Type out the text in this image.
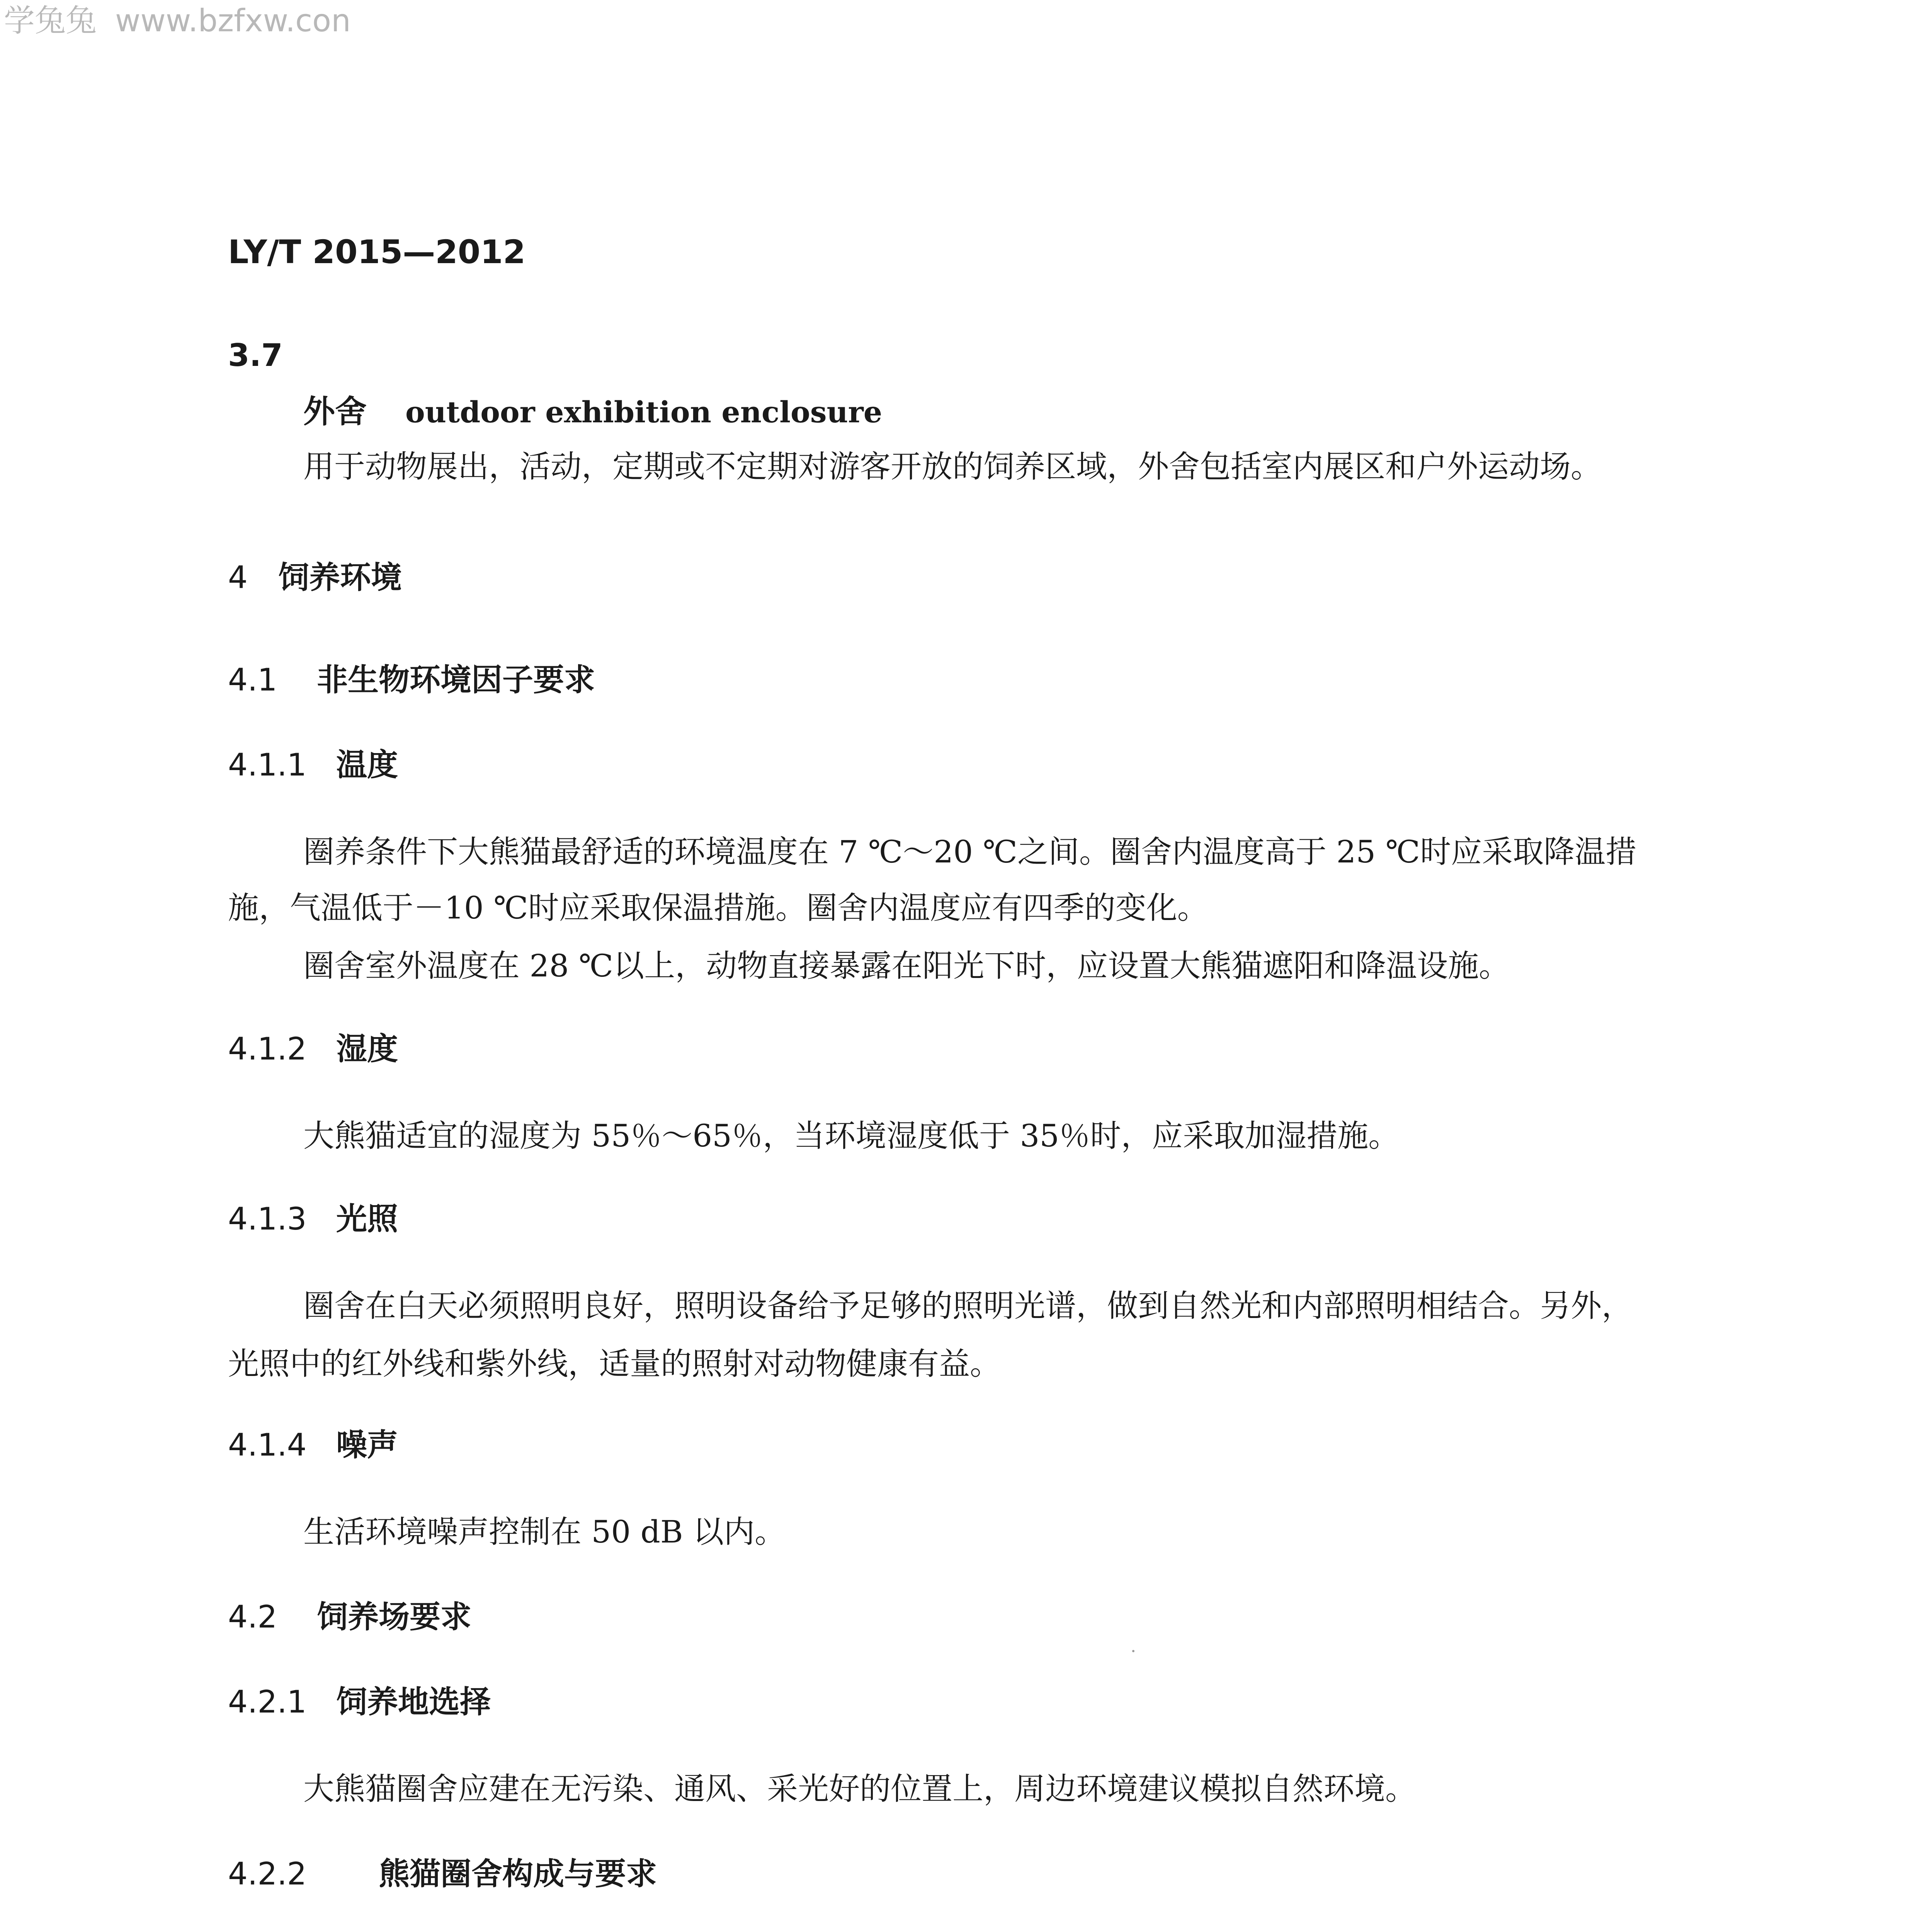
学兔兔 www.bzfxw.con
LY/T 2015—2012
3.7
外舍 outdoor exhibition enclosure
用于动物展出，活动，定期或不定期对游客开放的饲养区域，外舍包括室内展区和户外运动场。
4 饲养环境
4.1 非生物环境因子要求
4.1.1 温度
圈养条件下大熊猫最舒适的环境温度在 7 ℃～20 ℃之间。圈舍内温度高于 25 ℃时应采取降温措
施，气温低于－10 ℃时应采取保温措施。圈舍内温度应有四季的变化。
圈舍室外温度在 28 ℃以上，动物直接暴露在阳光下时，应设置大熊猫遮阳和降温设施。
4.1.2 湿度
大熊猫适宜的湿度为 55％～65％，当环境湿度低于 35％时，应采取加湿措施。
4.1.3 光照
圈舍在白天必须照明良好，照明设备给予足够的照明光谱，做到自然光和内部照明相结合。另外，
光照中的红外线和紫外线，适量的照射对动物健康有益。
4.1.4 噪声
生活环境噪声控制在 50 dB 以内。
4.2 饲养场要求
4.2.1 饲养地选择
大熊猫圈舍应建在无污染、通风、采光好的位置上，周边环境建议模拟自然环境。
4.2.2 熊猫圈舍构成与要求
